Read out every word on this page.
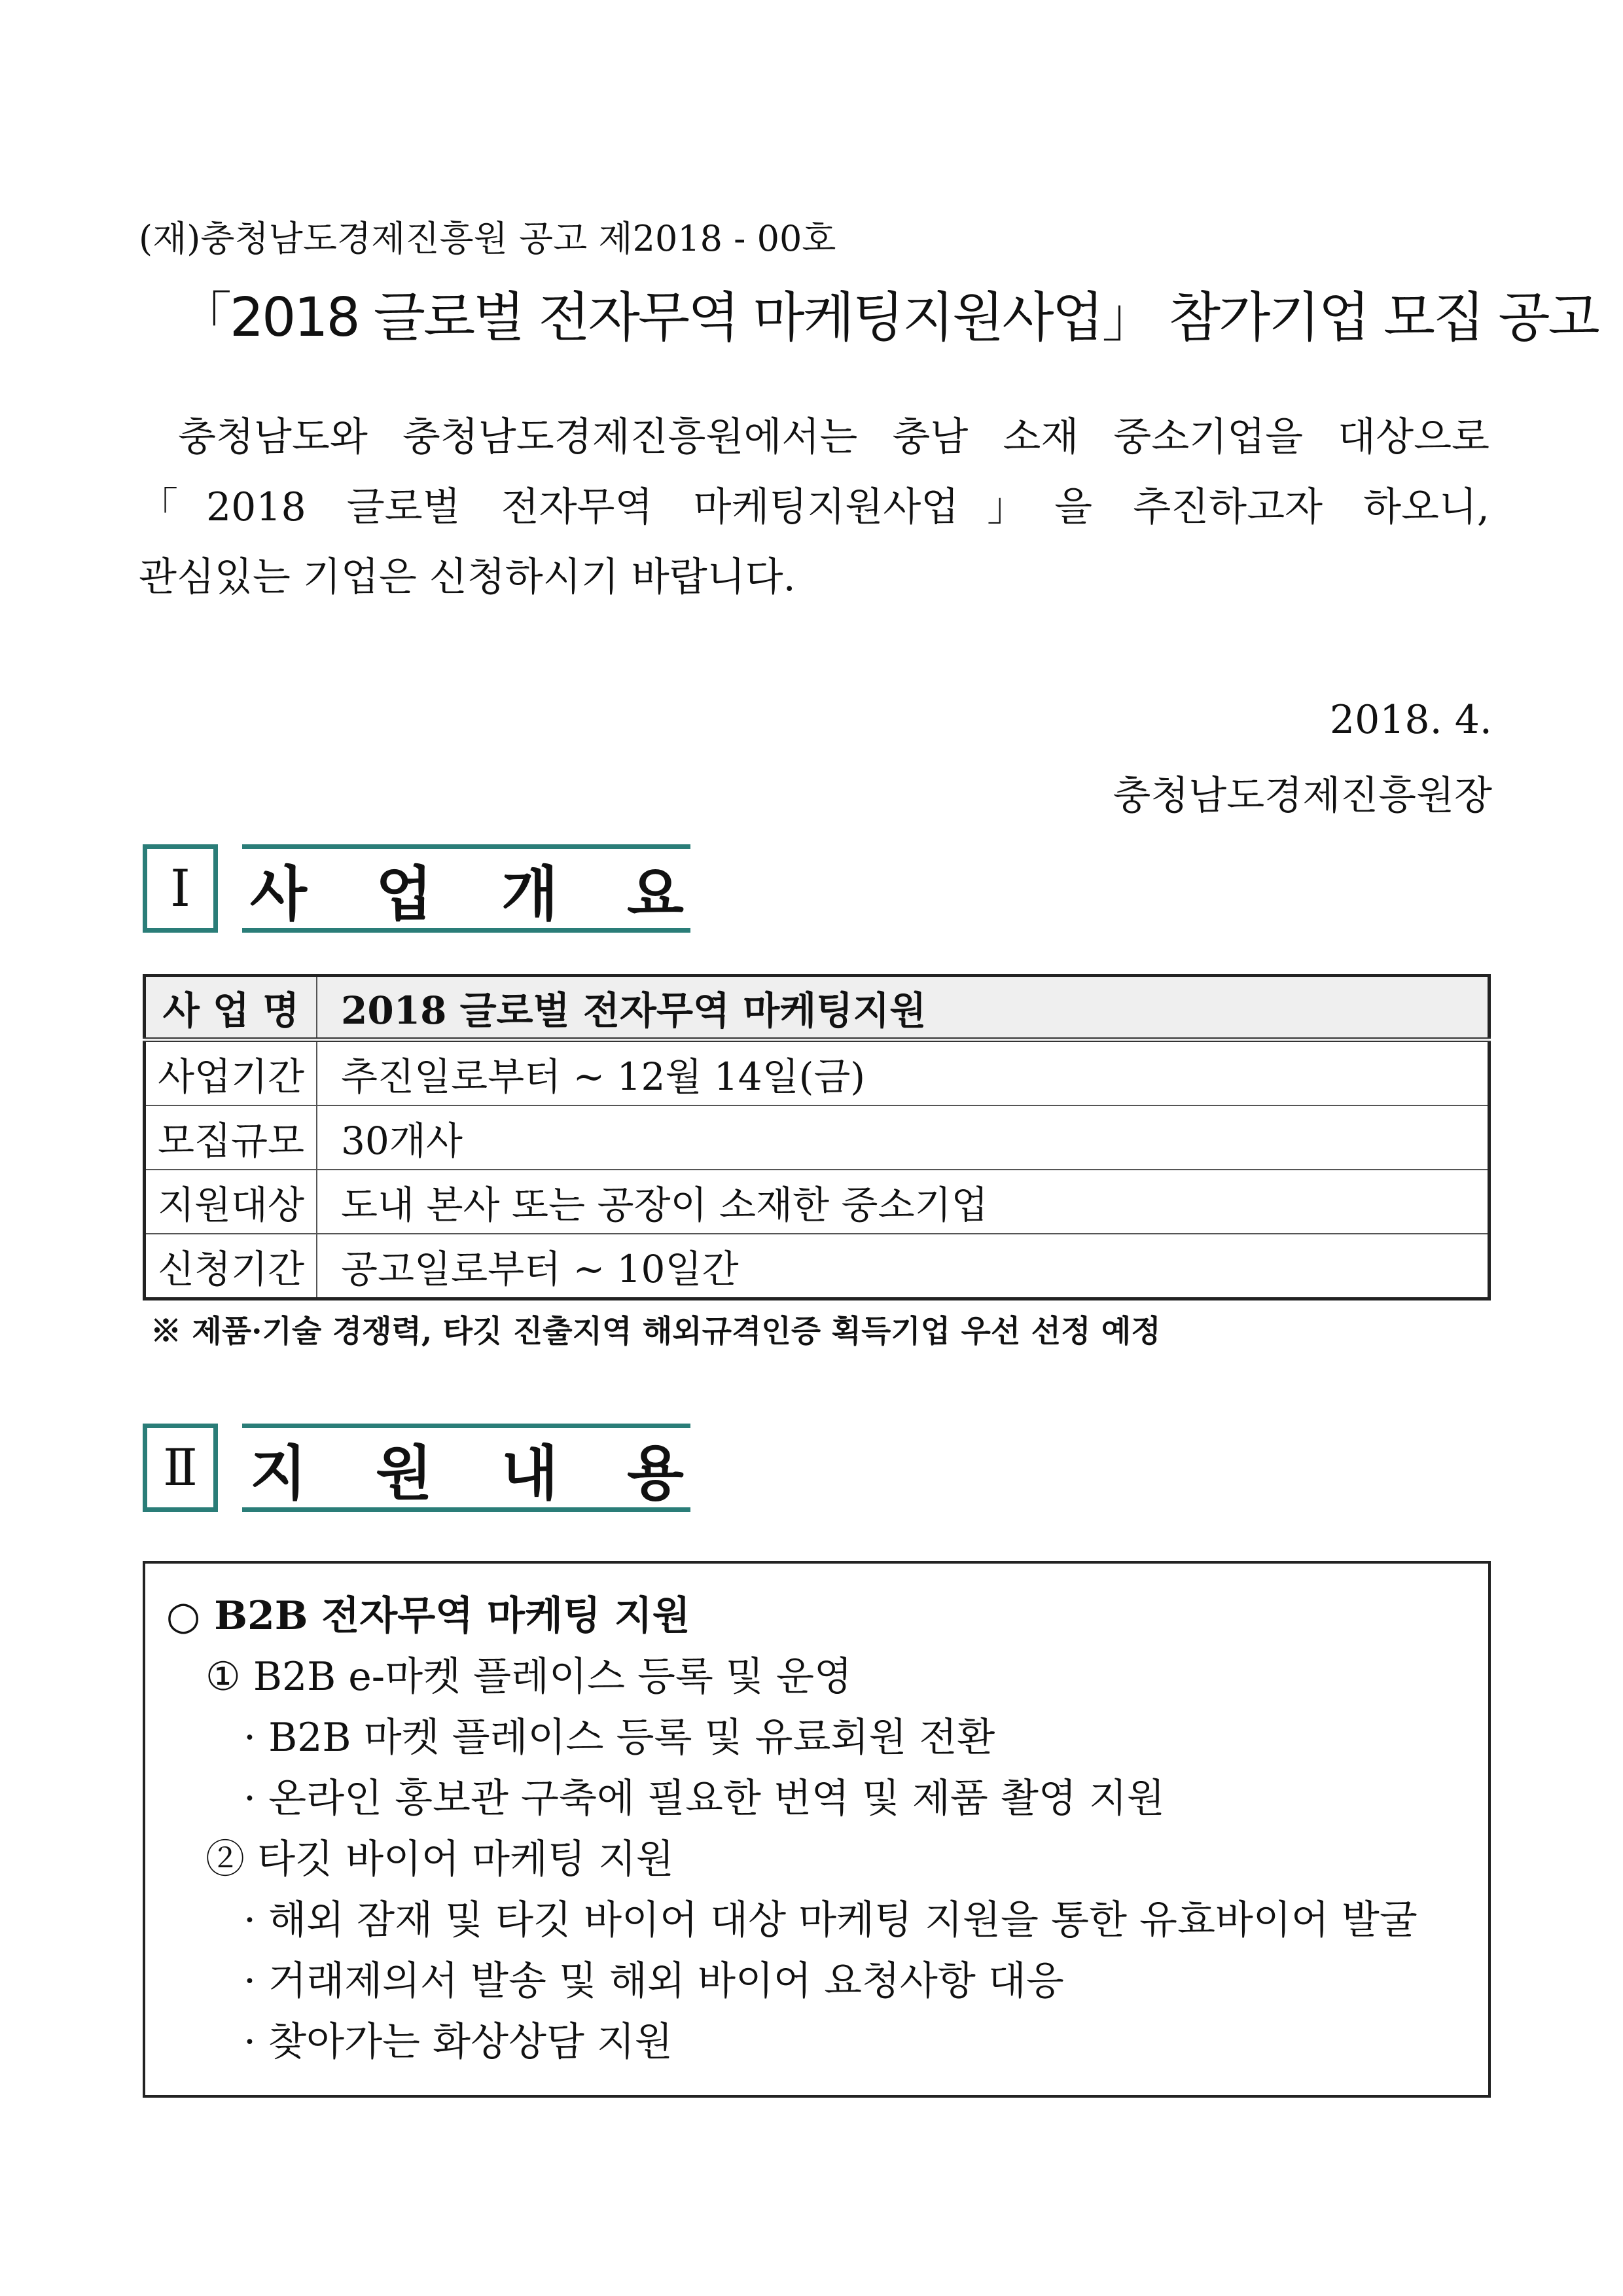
(재)충청남도경제진흥원 공고 제2018 - 00호
「2018 글로벌 전자무역 마케팅지원사업」 참가기업 모집 공고
충청남도와 충청남도경제진흥원에서는 충남 소재 중소기업을 대상으로
「2018 글로벌 전자무역 마케팅지원사업」을 추진하고자 하오니,
관심있는 기업은 신청하시기 바랍니다.
2018. 4.
충청남도경제진흥원장
Ⅰ	사 업 개 요
사 업 명	2018 글로벌 전자무역 마케팅지원
사업기간	추진일로부터 ~ 12월 14일(금)
모집규모	30개사
지원대상	도내 본사 또는 공장이 소재한 중소기업
신청기간	공고일로부터 ~ 10일간
※ 제품·기술 경쟁력, 타깃 진출지역 해외규격인증 획득기업 우선 선정 예정
Ⅱ 지 원 내 용
○ B2B 전자무역 마케팅 지원
① B2B e-마켓 플레이스 등록 및 운영
· B2B 마켓 플레이스 등록 및 유료회원 전환
· 온라인 홍보관 구축에 필요한 번역 및 제품 촬영 지원
② 타깃 바이어 마케팅 지원
· 해외 잠재 및 타깃 바이어 대상 마케팅 지원을 통한 유효바이어 발굴
· 거래제의서 발송 및 해외 바이어 요청사항 대응
· 찾아가는 화상상담 지원
